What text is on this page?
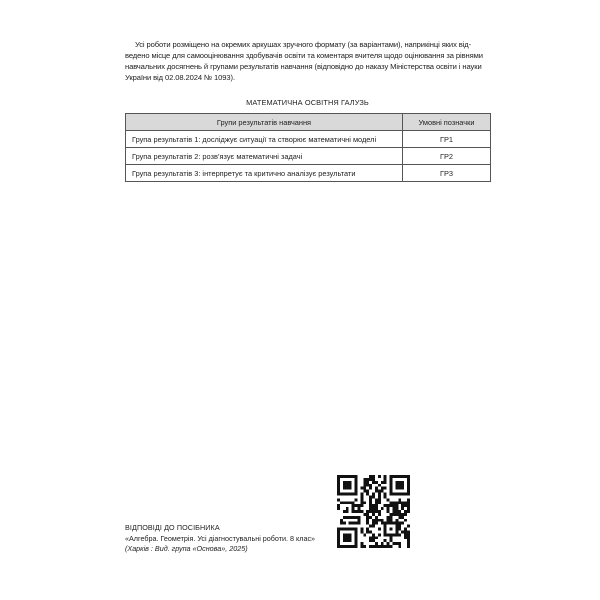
Усі роботи розміщено на окремих аркушах зручного формату (за варіантами), наприкінці яких від-
ведено місце для самооцінювання здобувачів освіти та коментаря вчителя щодо оцінювання за рівнями
навчальних досягнень й групами результатів навчання (відповідно до наказу Міністерства освіти і науки
України від 02.08.2024 № 1093).
МАТЕМАТИЧНА ОСВІТНЯ ГАЛУЗЬ
Групи результатів навчання	Умовні позначки
Група результатів 1: досліджує ситуації та створює математичні моделі	ГР1
Група результатів 2: розв’язує математичні задачі	ГР2
Група результатів 3: інтерпретує та критично аналізує результати	ГР3
ВІДПОВІДІ ДО ПОСІБНИКА
«Алгебра. Геометрія. Усі діагностувальні роботи. 8 клас»
(Харків : Вид. група «Основа», 2025)
